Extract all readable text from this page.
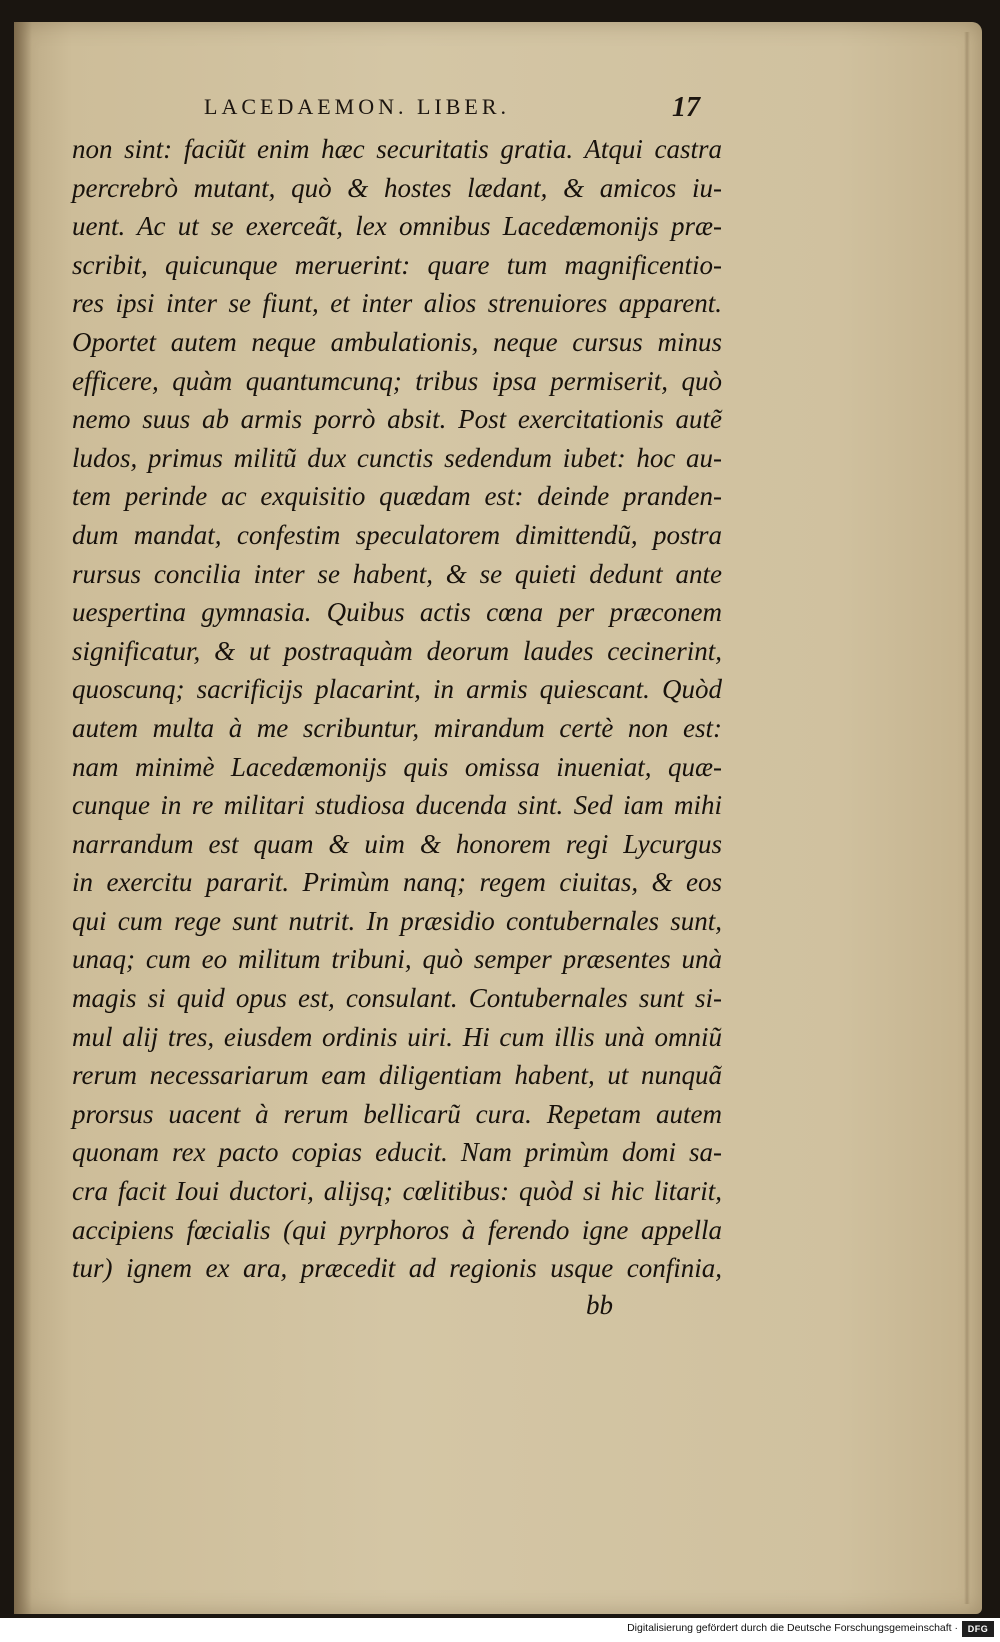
LACEDAEMON. LIBER.	17
non sint: faciũt enim hæc securitatis gratia. Atqui castra
percrebrò mutant, quò & hostes lædant, & amicos iu-
uent. Ac ut se exerceãt, lex omnibus Lacedæmonijs præ-
scribit, quicunque meruerint: quare tum magnificentio-
res ipsi inter se fiunt, et inter alios strenuiores apparent.
Oportet autem neque ambulationis, neque cursus minus
efficere, quàm quantumcunq; tribus ipsa permiserit, quò
nemo suus ab armis porrò absit. Post exercitationis autẽ
ludos, primus militũ dux cunctis sedendum iubet: hoc au-
tem perinde ac exquisitio quædam est: deinde pranden-
dum mandat, confestim speculatorem dimittendũ, postra
rursus concilia inter se habent, & se quieti dedunt ante
uespertina gymnasia. Quibus actis cœna per præconem
significatur, & ut postraquàm deorum laudes cecinerint,
quoscunq; sacrificijs placarint, in armis quiescant. Quòd
autem multa à me scribuntur, mirandum certè non est:
nam minimè Lacedæmonijs quis omissa inueniat, quæ-
cunque in re militari studiosa ducenda sint. Sed iam mihi
narrandum est quam & uim & honorem regi Lycurgus
in exercitu pararit. Primùm nanq; regem ciuitas, & eos
qui cum rege sunt nutrit. In præsidio contubernales sunt,
unaq; cum eo militum tribuni, quò semper præsentes unà
magis si quid opus est, consulant. Contubernales sunt si-
mul alij tres, eiusdem ordinis uiri. Hi cum illis unà omniũ
rerum necessariarum eam diligentiam habent, ut nunquã
prorsus uacent à rerum bellicarũ cura. Repetam autem
quonam rex pacto copias educit. Nam primùm domi sa-
cra facit Ioui ductori, alijsq; cœlitibus: quòd si hic litarit,
accipiens fœcialis (qui pyrphoros à ferendo igne appella
tur) ignem ex ara, præcedit ad regionis usque confinia,
bb
Digitalisierung gefördert durch die Deutsche Forschungsgemeinschaft ·	DFG
